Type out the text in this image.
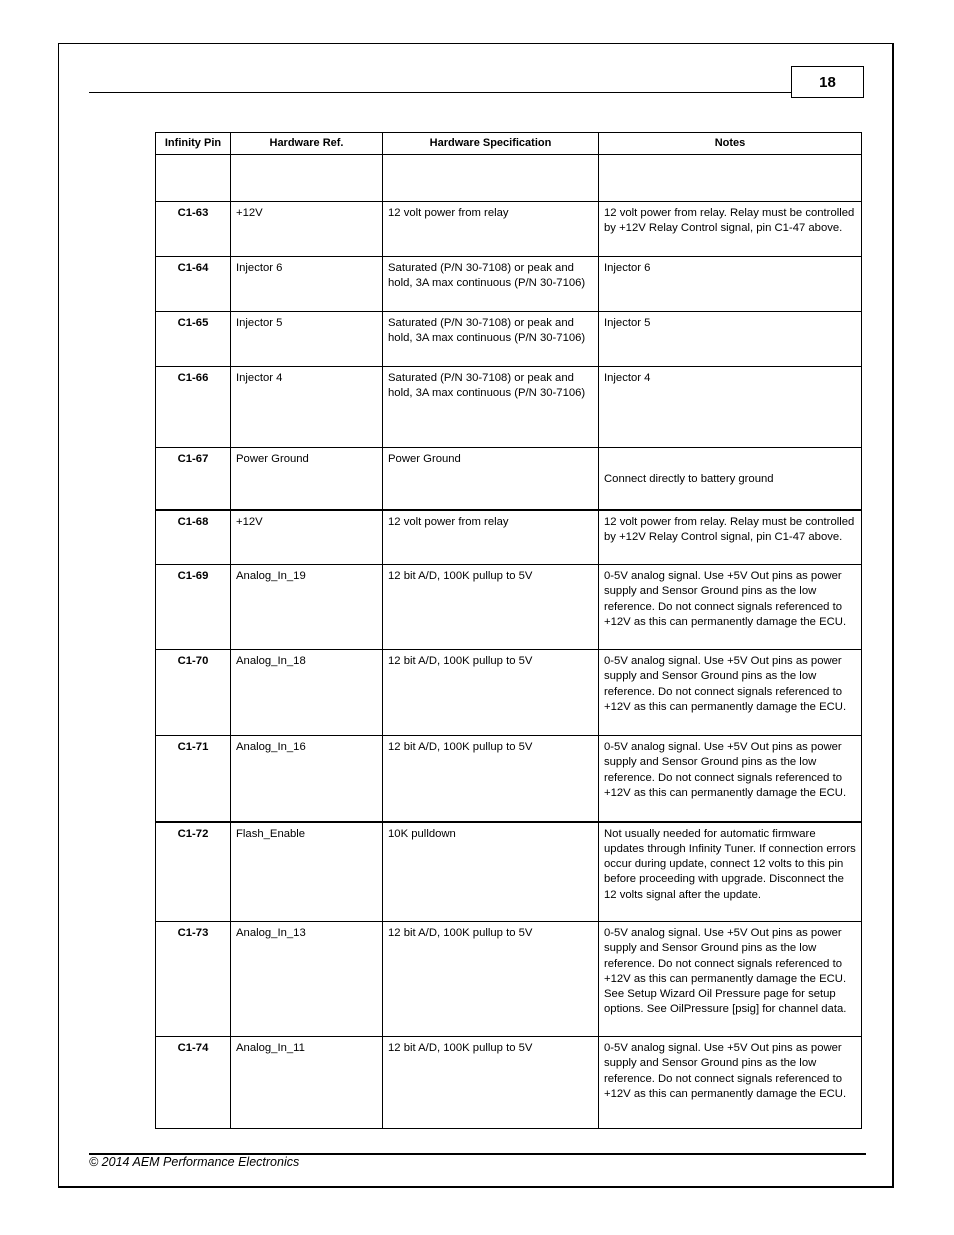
18
Infinity Pin	Hardware Ref.	Hardware Specification	Notes

C1-63	+12V	12 volt power from relay	12 volt power from relay. Relay must be controlled by +12V Relay Control signal, pin C1-47 above.
C1-64	Injector 6	Saturated (P/N 30-7108) or peak and hold, 3A max continuous (P/N 30-7106)	Injector 6
C1-65	Injector 5	Saturated (P/N 30-7108) or peak and hold, 3A max continuous (P/N 30-7106)	Injector 5
C1-66	Injector 4	Saturated (P/N 30-7108) or peak and hold, 3A max continuous (P/N 30-7106)	Injector 4
C1-67	Power Ground	Power Ground	Connect directly to battery ground
C1-68	+12V	12 volt power from relay	12 volt power from relay. Relay must be controlled by +12V Relay Control signal, pin C1-47 above.
C1-69	Analog_In_19	12 bit A/D, 100K pullup to 5V	0-5V analog signal. Use +5V Out pins as power supply and Sensor Ground pins as the low reference. Do not connect signals referenced to +12V as this can permanently damage the ECU.
C1-70	Analog_In_18	12 bit A/D, 100K pullup to 5V	0-5V analog signal. Use +5V Out pins as power supply and Sensor Ground pins as the low reference. Do not connect signals referenced to +12V as this can permanently damage the ECU.
C1-71	Analog_In_16	12 bit A/D, 100K pullup to 5V	0-5V analog signal. Use +5V Out pins as power supply and Sensor Ground pins as the low reference. Do not connect signals referenced to +12V as this can permanently damage the ECU.
C1-72	Flash_Enable	10K pulldown	Not usually needed for automatic firmware updates through Infinity Tuner. If connection errors occur during update, connect 12 volts to this pin before proceeding with upgrade. Disconnect the 12 volts signal after the update.
C1-73	Analog_In_13	12 bit A/D, 100K pullup to 5V	0-5V analog signal. Use +5V Out pins as power supply and Sensor Ground pins as the low reference. Do not connect signals referenced to +12V as this can permanently damage the ECU. See Setup Wizard Oil Pressure page for setup options. See OilPressure [psig] for channel data.
C1-74	Analog_In_11	12 bit A/D, 100K pullup to 5V	0-5V analog signal. Use +5V Out pins as power supply and Sensor Ground pins as the low reference. Do not connect signals referenced to +12V as this can permanently damage the ECU.
© 2014 AEM Performance Electronics
